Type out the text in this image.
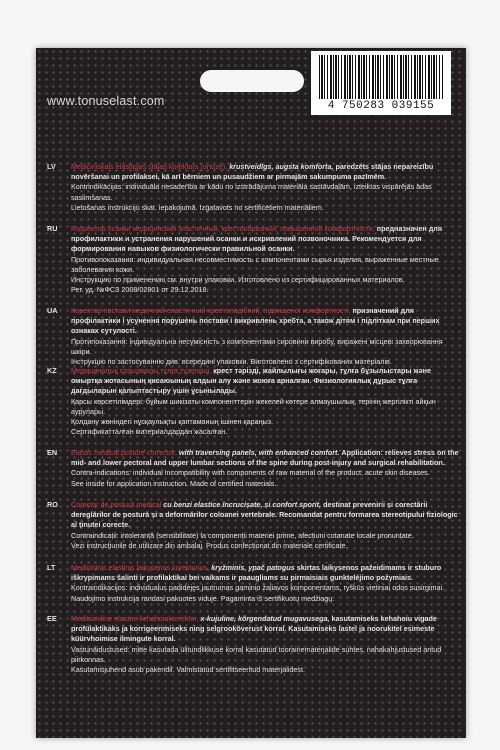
www.tonuselast.com	4 750283 039155
LV Mediciniskais elastīgais stājas korektors (ortoze), krustveidīgs, augsta komforta, paredzēts stājas nepareizību novēršanai un profilaksei, kā arī bērniem un pusaudžiem ar pirmajām sakumpuma pazīmēm.
Kontrindikācijas: individuāla nesaderība ar kādu no izstrādājuma materiāla sastāvdaļām, izteiktas vispārējās ādas saslimšanas.
Lietošanas instrukciju skat. iepakojumā. Izgatavots no sertificētiem materiāliem.
RU Корректор осанки медицинский эластичный, крестообразный, повышенной комфортности, предназначен для профилактики и устранения нарушений осанки и искривлений позвоночника. Рекомендуется для формирования навыков физиологически правильной осанки.
Противопоказания: индивидуальная несовместимость с компонентами сырья изделия, выраженные местные заболевания кожи.
Инструкцию по применению см. внутри упаковки. Изготовлено из сертифицированных материалов.
Рег. уд. №ФСЗ 2008/02801 от 29.12.2018.
UA Коректор постави медичний еластичний хрестоподібний, підвищеної комфортності, призначений для профілактики і усунення порушень постави і викривлень хребта, а також дітям і підліткам при перших ознаках сутулості.
Протипоказання: індивідуальна несумісність з компонентами сировини виробу, виражені місцеві захворювання шкіри.
Інструкцію по застосуванню див. всередині упаковки. Виготовлено з сертифікованих матеріалів.
KZ Медициналық созылмалы тұлға түзеткіші, крест тәрізді, жайлылығы жоғары, тұлға бұзылыстары және омыртқа жотасының қисаюының алдын алу және жоюға арналған. Физиологиялық дұрыс тұлға дағдыларын қалыптастыру үшін ұсынылады.
Қарсы көрсетілімдері: бұйым шикізаты компоненттерін жекелей көтере алмаушылық, терінің жергілікті айқын аурулары.
Қолдану жөніндегі нұсқаулықты қаптаманың ішінен қараңыз.
Сертификатталған материалдардан жасалған.
EN Elastic medical posture corrector, with traversing panels, with enhanced comfort. Application: relieves stress on the mid- and lower pectoral and upper lumbar sections of the spine during post-injury and surgical rehabilitation.
Contra-indications: individual incompatibility with components of raw material of the product, acute skin diseases.
See inside for application instruction. Made of certified materials.
RO Corector de postură medical cu benzi elastice încrucișate, și confort sporit, destinat prevenirii și corectării dereglărilor de postură și a deformărilor coloanei vertebrale. Recomandat pentru formarea stereotipului fiziologic al ținutei corecte.
Contraindicații: intoleranță (sensibilitate) la componenții materiei prime, afecțiuni cutanate locale pronunțate.
Vezi instrucțiunile de utilizare din ambalaj. Produs confecționat din materiale certificate.
LT Medicininis elastinis laikysenos korektorius, kryžminis, ypač patogus skirtas laikysenos pažeidimams ir stuburo iškrypimams šalinti ir profilaktikai bei vaikams ir paaugliams su pirmaisiais gunkteléjimo požymiais.
Kontraindikacijos: individualus padidėjęs jautrumas gaminio žaliavos komponentams, ryškūs vietiniai odos susirgimai.
Naudojimo instrukcija randasi pakuotės viduje. Pagaminta iš sertifikuotų medžiagų.
EE Meditsiiniline elastne kehahoiukorrektor, x-kujuline, kõrgendatud mugavusega, kasutamiseks kehahoiu vigade profülaktikaks ja korrigeerimiseks ning selgrookõverust korral. Kasutamiseks lastel ja noorukitel esimeste küürvhoimise ilmingute korral.
Vastunäidustused: mitte kasutada ülitundlikkuse korral kasutatud toorainematerjalide suhtes, nahakahjustused antud piirkonnas.
Kasutamisjuhend asub pakendil. Valmistatud sertifitseeritud materjalidest.
